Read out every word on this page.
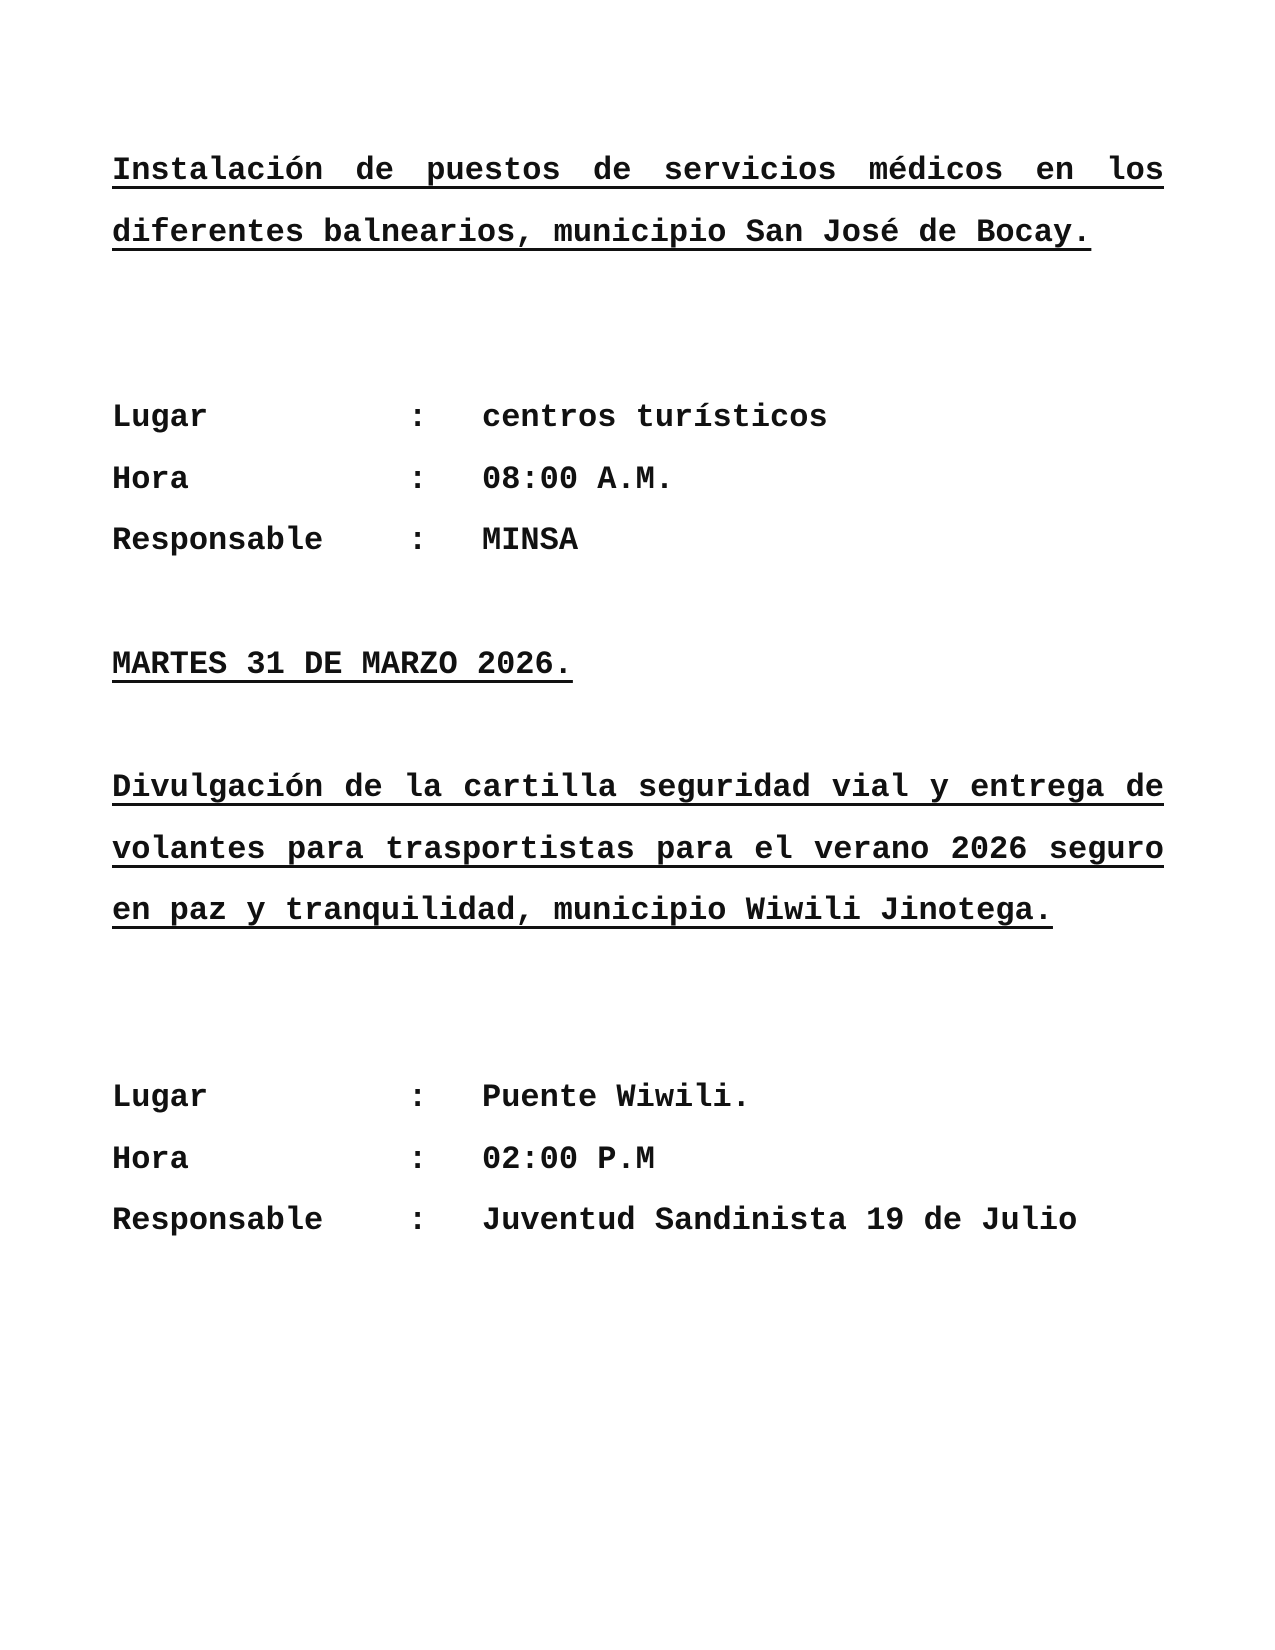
Instalación de puestos de servicios médicos en los diferentes balnearios, municipio San José de Bocay.
Lugar	: centros turísticos
Hora	: 08:00 A.M.
Responsable	: MINSA
MARTES 31 DE MARZO 2026.
Divulgación de la cartilla seguridad vial y entrega de volantes para trasportistas para el verano 2026 seguro en paz y tranquilidad, municipio Wiwili Jinotega.
Lugar	: Puente Wiwili.
Hora	: 02:00 P.M
Responsable	: Juventud Sandinista 19 de Julio
